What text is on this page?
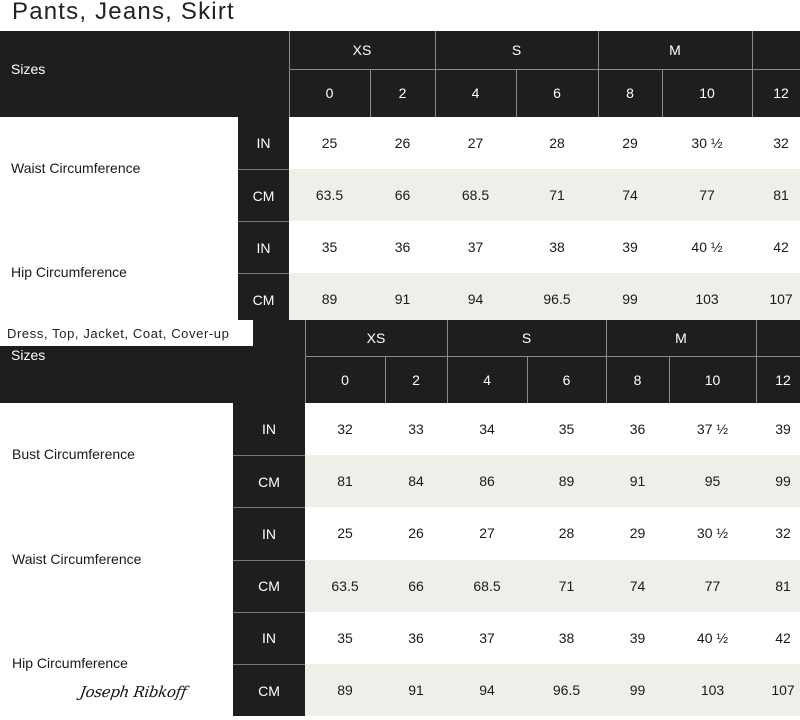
Pants, Jeans, Skirt
Sizes
XS	S	M
0	2	4	6	8	10	12
Waist Circumference
IN	25	26	27	28	29	30 ½	32
CM	63.5	66	68.5	71	74	77	81
Hip Circumference
IN	35	36	37	38	39	40 ½	42
CM	89	91	94	96.5	99	103	107
Sizes
XS	S	M
0	2	4	6	8	10	12
Bust Circumference
IN	32	33	34	35	36	37 ½	39
CM	81	84	86	89	91	95	99
Waist Circumference
IN	25	26	27	28	29	30 ½	32
CM	63.5	66	68.5	71	74	77	81
Hip Circumference
IN	35	36	37	38	39	40 ½	42
CM	89	91	94	96.5	99	103	107
Dress, Top, Jacket, Coat, Cover-up
Joseph Ribkoff
